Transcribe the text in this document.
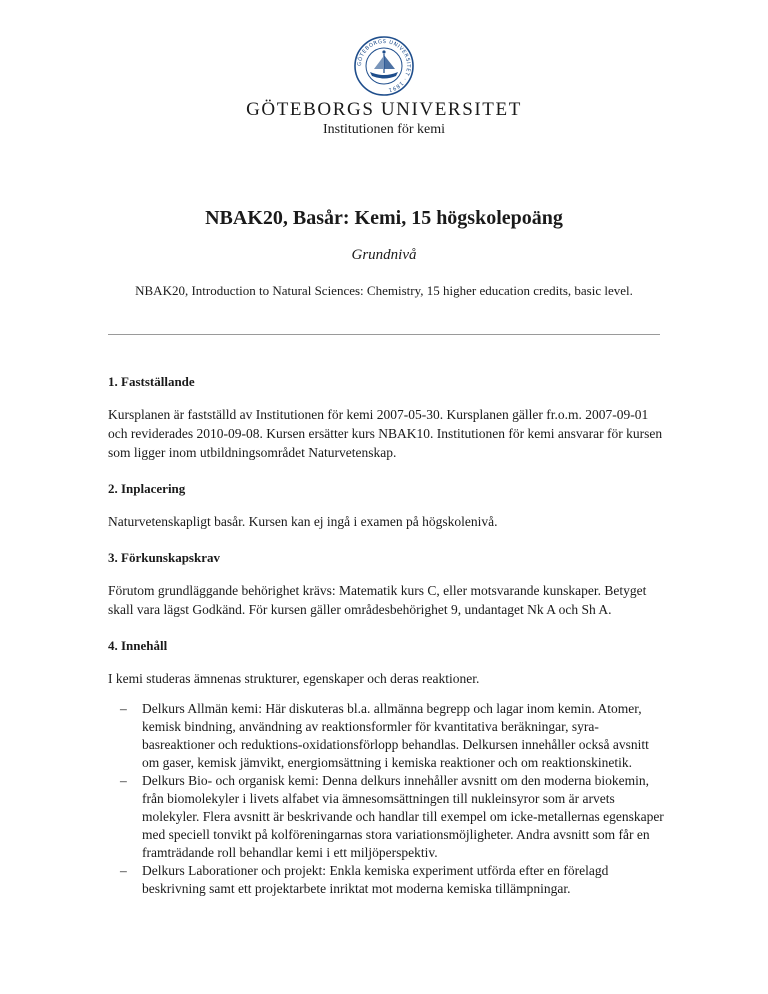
GÖTEBORGS UNIVERSITET · 1891
GÖTEBORGS UNIVERSITET
Institutionen för kemi
NBAK20, Basår: Kemi, 15 högskolepoäng
Grundnivå
NBAK20, Introduction to Natural Sciences: Chemistry, 15 higher education credits, basic level.
1. Fastställande

Kursplanen är fastställd av Institutionen för kemi 2007-05-30. Kursplanen gäller fr.o.m. 2007-09-01 och reviderades 2010-09-08. Kursen ersätter kurs NBAK10. Institutionen för kemi ansvarar för kursen som ligger inom utbildningsområdet Naturvetenskap.

2. Inplacering

Naturvetenskapligt basår. Kursen kan ej ingå i examen på högskolenivå.

3. Förkunskapskrav

Förutom grundläggande behörighet krävs: Matematik kurs C, eller motsvarande kunskaper. Betyget skall vara lägst Godkänd. För kursen gäller områdesbehörighet 9, undantaget Nk A och Sh A.

4. Innehåll

I kemi studeras ämnenas strukturer, egenskaper och deras reaktioner.

– Delkurs Allmän kemi: Här diskuteras bl.a. allmänna begrepp och lagar inom kemin. Atomer, kemisk bindning, användning av reaktionsformler för kvantitativa beräkningar, syra-basreaktioner och reduktions-oxidationsförlopp behandlas. Delkursen innehåller också avsnitt om gaser, kemisk jämvikt, energiomsättning i kemiska reaktioner och om reaktionskinetik.
– Delkurs Bio- och organisk kemi: Denna delkurs innehåller avsnitt om den moderna biokemin, från biomolekyler i livets alfabet via ämnesomsättningen till nukleinsyror som är arvets molekyler. Flera avsnitt är beskrivande och handlar till exempel om icke-metallernas egenskaper med speciell tonvikt på kolföreningarnas stora variationsmöjligheter. Andra avsnitt som får en framträdande roll behandlar kemi i ett miljöperspektiv.
– Delkurs Laborationer och projekt: Enkla kemiska experiment utförda efter en förelagd beskrivning samt ett projektarbete inriktat mot moderna kemiska tillämpningar.
